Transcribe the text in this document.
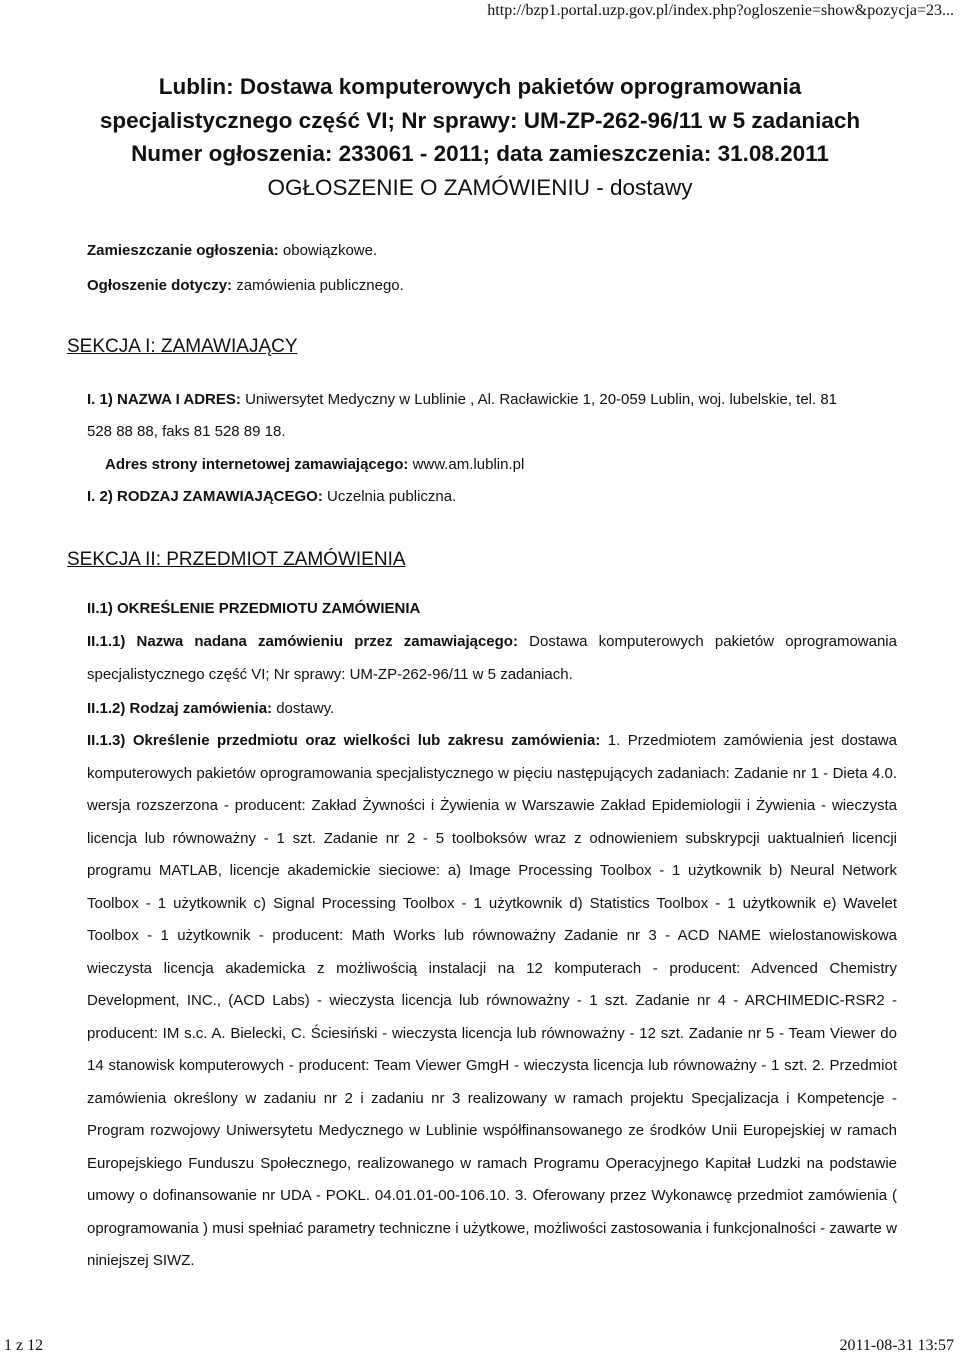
http://bzp1.portal.uzp.gov.pl/index.php?ogloszenie=show&pozycja=23...

Lublin: Dostawa komputerowych pakietów oprogramowania

specjalistycznego część VI; Nr sprawy: UM-ZP-262-96/11 w 5 zadaniach

Numer ogłoszenia: 233061 - 2011; data zamieszczenia: 31.08.2011

OGŁOSZENIE O ZAMÓWIENIU - dostawy

Zamieszczanie ogłoszenia: obowiązkowe.
Ogłoszenie dotyczy: zamówienia publicznego.
SEKCJA I: ZAMAWIAJĄCY
I. 1) NAZWA I ADRES: Uniwersytet Medyczny w Lublinie , Al. Racławickie 1, 20-059 Lublin, woj. lubelskie, tel. 81
528 88 88, faks 81 528 89 18.
Adres strony internetowej zamawiającego: www.am.lublin.pl
I. 2) RODZAJ ZAMAWIAJĄCEGO: Uczelnia publiczna.
SEKCJA II: PRZEDMIOT ZAMÓWIENIA
II.1) OKREŚLENIE PRZEDMIOTU ZAMÓWIENIA
II.1.1) Nazwa nadana zamówieniu przez zamawiającego: Dostawa komputerowych pakietów oprogramowania specjalistycznego część VI; Nr sprawy: UM-ZP-262-96/11 w 5 zadaniach.
II.1.2) Rodzaj zamówienia: dostawy.
II.1.3) Określenie przedmiotu oraz wielkości lub zakresu zamówienia: 1. Przedmiotem zamówienia jest dostawa komputerowych pakietów oprogramowania specjalistycznego w pięciu następujących zadaniach: Zadanie nr 1 - Dieta 4.0. wersja rozszerzona - producent: Zakład Żywności i Żywienia w Warszawie Zakład Epidemiologii i Żywienia - wieczysta licencja lub równoważny - 1 szt. Zadanie nr 2 - 5 toolboksów wraz z odnowieniem subskrypcji uaktualnień licencji programu MATLAB, licencje akademickie sieciowe: a) Image Processing Toolbox - 1 użytkownik b) Neural Network Toolbox - 1 użytkownik c) Signal Processing Toolbox - 1 użytkownik d) Statistics Toolbox - 1 użytkownik e) Wavelet Toolbox - 1 użytkownik - producent: Math Works lub równoważny Zadanie nr 3 - ACD NAME wielostanowiskowa wieczysta licencja akademicka z możliwością instalacji na 12 komputerach - producent: Advenced Chemistry Development, INC., (ACD Labs) - wieczysta licencja lub równoważny - 1 szt. Zadanie nr 4 - ARCHIMEDIC-RSR2 - producent: IM s.c. A. Bielecki, C. Ściesiński - wieczysta licencja lub równoważny - 12 szt. Zadanie nr 5 - Team Viewer do 14 stanowisk komputerowych - producent: Team Viewer GmgH - wieczysta licencja lub równoważny - 1 szt. 2. Przedmiot zamówienia określony w zadaniu nr 2 i zadaniu nr 3 realizowany w ramach projektu Specjalizacja i Kompetencje - Program rozwojowy Uniwersytetu Medycznego w Lublinie współfinansowanego ze środków Unii Europejskiej w ramach Europejskiego Funduszu Społecznego, realizowanego w ramach Programu Operacyjnego Kapitał Ludzki na podstawie umowy o dofinansowanie nr UDA - POKL. 04.01.01-00-106.10. 3. Oferowany przez Wykonawcę przedmiot zamówienia ( oprogramowania ) musi spełniać parametry techniczne i użytkowe, możliwości zastosowania i funkcjonalności - zawarte w niniejszej SIWZ.
1 z 12	2011-08-31 13:57
